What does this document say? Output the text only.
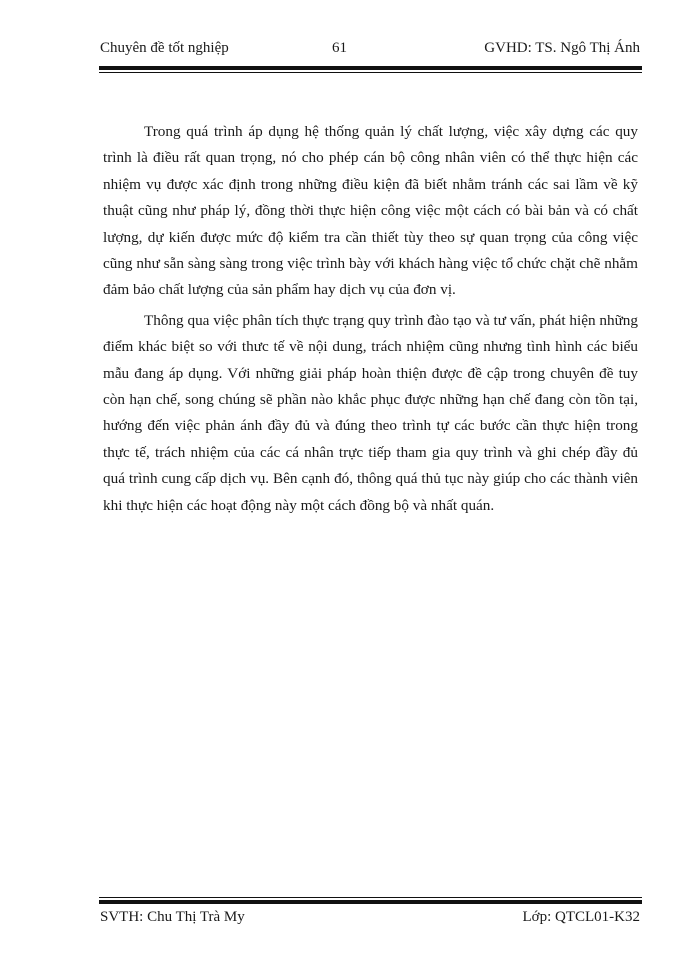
Chuyên đề tốt nghiệp	61	GVHD: TS. Ngô Thị Ánh

Trong quá trình áp dụng hệ thống quản lý chất lượng, việc xây dựng các quy trình là điều rất quan trọng, nó cho phép cán bộ công nhân viên có thể thực hiện các nhiệm vụ được xác định trong những điều kiện đã biết nhằm tránh các sai lầm về kỹ thuật cũng như pháp lý, đồng thời thực hiện công việc một cách có bài bản và có chất lượng, dự kiến được mức độ kiểm tra cần thiết tùy theo sự quan trọng của công việc cũng như sẵn sàng sàng trong việc trình bày với khách hàng việc tổ chức chặt chẽ nhằm đảm bảo chất lượng của sản phẩm hay dịch vụ của đơn vị.

Thông qua việc phân tích thực trạng quy trình đào tạo và tư vấn, phát hiện những điểm khác biệt so với thưc tế về nội dung, trách nhiệm cũng nhưng tình hình các biểu mẫu đang áp dụng. Với những giải pháp hoàn thiện được đề cập trong chuyên đề tuy còn hạn chế, song chúng sẽ phần nào khắc phục được những hạn chế đang còn tồn tại, hướng đến việc phản ánh đầy đủ và đúng theo trình tự các bước cần thực hiện trong thực tế, trách nhiệm của các cá nhân trực tiếp tham gia quy trình và ghi chép đầy đủ quá trình cung cấp dịch vụ. Bên cạnh đó, thông quá thủ tục này giúp cho các thành viên khi thực hiện các hoạt động này một cách đồng bộ và nhất quán.

SVTH: Chu Thị Trà My	Lớp: QTCL01-K32
